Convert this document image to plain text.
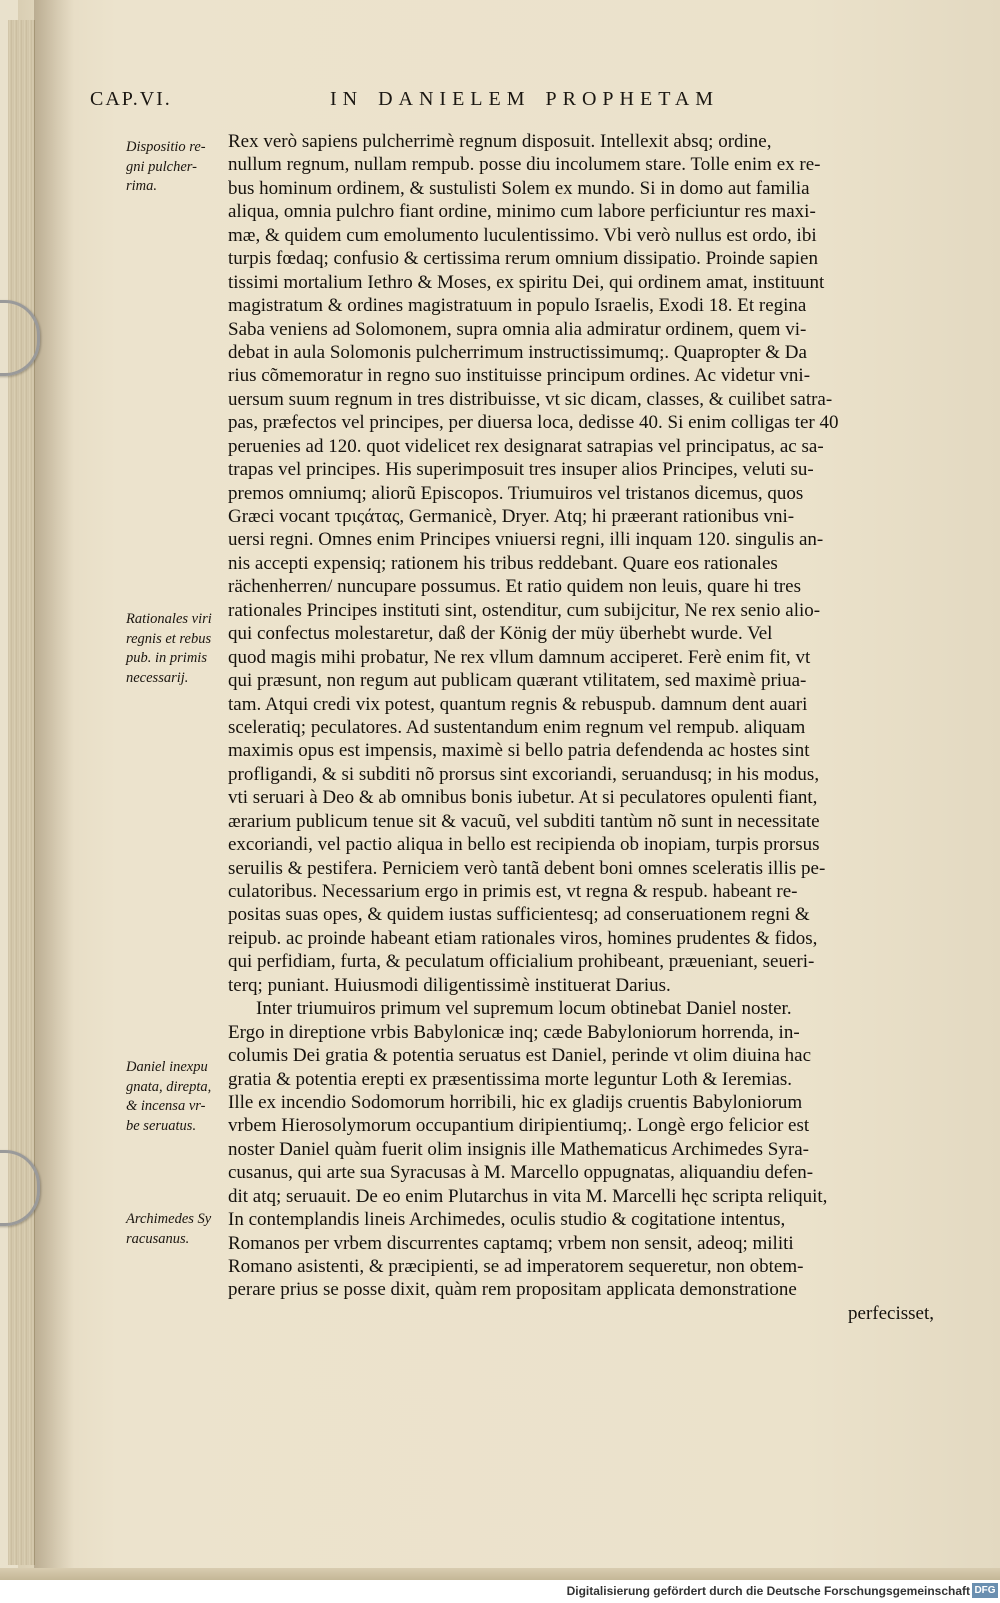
CAP.VI.	IN DANIELEM PROPHETAM
Dispositio re-
gni pulcher-
rima.
Rationales viri
regnis et rebus
pub. in primis
necessarij.
Daniel inexpu
gnata, direpta,
& incensa vr-
be seruatus.
Archimedes Sy
racusanus.
Rex verò sapiens pulcherrimè regnum disposuit. Intellexit absq; ordine,
nullum regnum, nullam rempub. posse diu incolumem stare. Tolle enim ex re-
bus hominum ordinem, & sustulisti Solem ex mundo. Si in domo aut familia
aliqua, omnia pulchro fiant ordine, minimo cum labore perficiuntur res maxi-
mæ, & quidem cum emolumento luculentissimo. Vbi verò nullus est ordo, ibi
turpis fœdaq; confusio & certissima rerum omnium dissipatio. Proinde sapien
tissimi mortalium Iethro & Moses, ex spiritu Dei, qui ordinem amat, instituunt
magistratum & ordines magistratuum in populo Israelis, Exodi 18. Et regina
Saba veniens ad Solomonem, supra omnia alia admiratur ordinem, quem vi-
debat in aula Solomonis pulcherrimum instructissimumq;. Quapropter & Da
rius cõmemoratur in regno suo instituisse principum ordines. Ac videtur vni-
uersum suum regnum in tres distribuisse, vt sic dicam, classes, & cuilibet satra-
pas, præfectos vel principes, per diuersa loca, dedisse 40. Si enim colligas ter 40
peruenies ad 120. quot videlicet rex designarat satrapias vel principatus, ac sa-
trapas vel principes. His superimposuit tres insuper alios Principes, veluti su-
premos omniumq; aliorũ Episcopos. Triumuiros vel tristanos dicemus, quos
Græci vocant τριςάτας, Germanicè, Dryer. Atq; hi præerant rationibus vni-
uersi regni. Omnes enim Principes vniuersi regni, illi inquam 120. singulis an-
nis accepti expensiq; rationem his tribus reddebant. Quare eos rationales
rächenherren/ nuncupare possumus. Et ratio quidem non leuis, quare hi tres
rationales Principes instituti sint, ostenditur, cum subijcitur, Ne rex senio alio-
qui confectus molestaretur, daß der König der müy überhebt wurde. Vel
quod magis mihi probatur, Ne rex vllum damnum acciperet. Ferè enim fit, vt
qui præsunt, non regum aut publicam quærant vtilitatem, sed maximè priua-
tam. Atqui credi vix potest, quantum regnis & rebuspub. damnum dent auari
sceleratiq; peculatores. Ad sustentandum enim regnum vel rempub. aliquam
maximis opus est impensis, maximè si bello patria defendenda ac hostes sint
profligandi, & si subditi nõ prorsus sint excoriandi, seruandusq; in his modus,
vti seruari à Deo & ab omnibus bonis iubetur. At si peculatores opulenti fiant,
ærarium publicum tenue sit & vacuũ, vel subditi tantùm nõ sunt in necessitate
excoriandi, vel pactio aliqua in bello est recipienda ob inopiam, turpis prorsus
seruilis & pestifera. Perniciem verò tantã debent boni omnes sceleratis illis pe-
culatoribus. Necessarium ergo in primis est, vt regna & respub. habeant re-
positas suas opes, & quidem iustas sufficientesq; ad conseruationem regni &
reipub. ac proinde habeant etiam rationales viros, homines prudentes & fidos,
qui perfidiam, furta, & peculatum officialium prohibeant, præueniant, seueri-
terq; puniant. Huiusmodi diligentissimè instituerat Darius.
Inter triumuiros primum vel supremum locum obtinebat Daniel noster.
Ergo in direptione vrbis Babylonicæ inq; cæde Babyloniorum horrenda, in-
columis Dei gratia & potentia seruatus est Daniel, perinde vt olim diuina hac
gratia & potentia erepti ex præsentissima morte leguntur Loth & Ieremias.
Ille ex incendio Sodomorum horribili, hic ex gladijs cruentis Babyloniorum
vrbem Hierosolymorum occupantium diripientiumq;. Longè ergo felicior est
noster Daniel quàm fuerit olim insignis ille Mathematicus Archimedes Syra-
cusanus, qui arte sua Syracusas à M. Marcello oppugnatas, aliquandiu defen-
dit atq; seruauit. De eo enim Plutarchus in vita M. Marcelli hęc scripta reliquit,
In contemplandis lineis Archimedes, oculis studio & cogitatione intentus,
Romanos per vrbem discurrentes captamq; vrbem non sensit, adeoq; militi
Romano asistenti, & præcipienti, se ad imperatorem sequeretur, non obtem-
perare prius se posse dixit, quàm rem propositam applicata demonstratione
perfecisset,
Digitalisierung gefördert durch die Deutsche Forschungsgemeinschaft DFG
